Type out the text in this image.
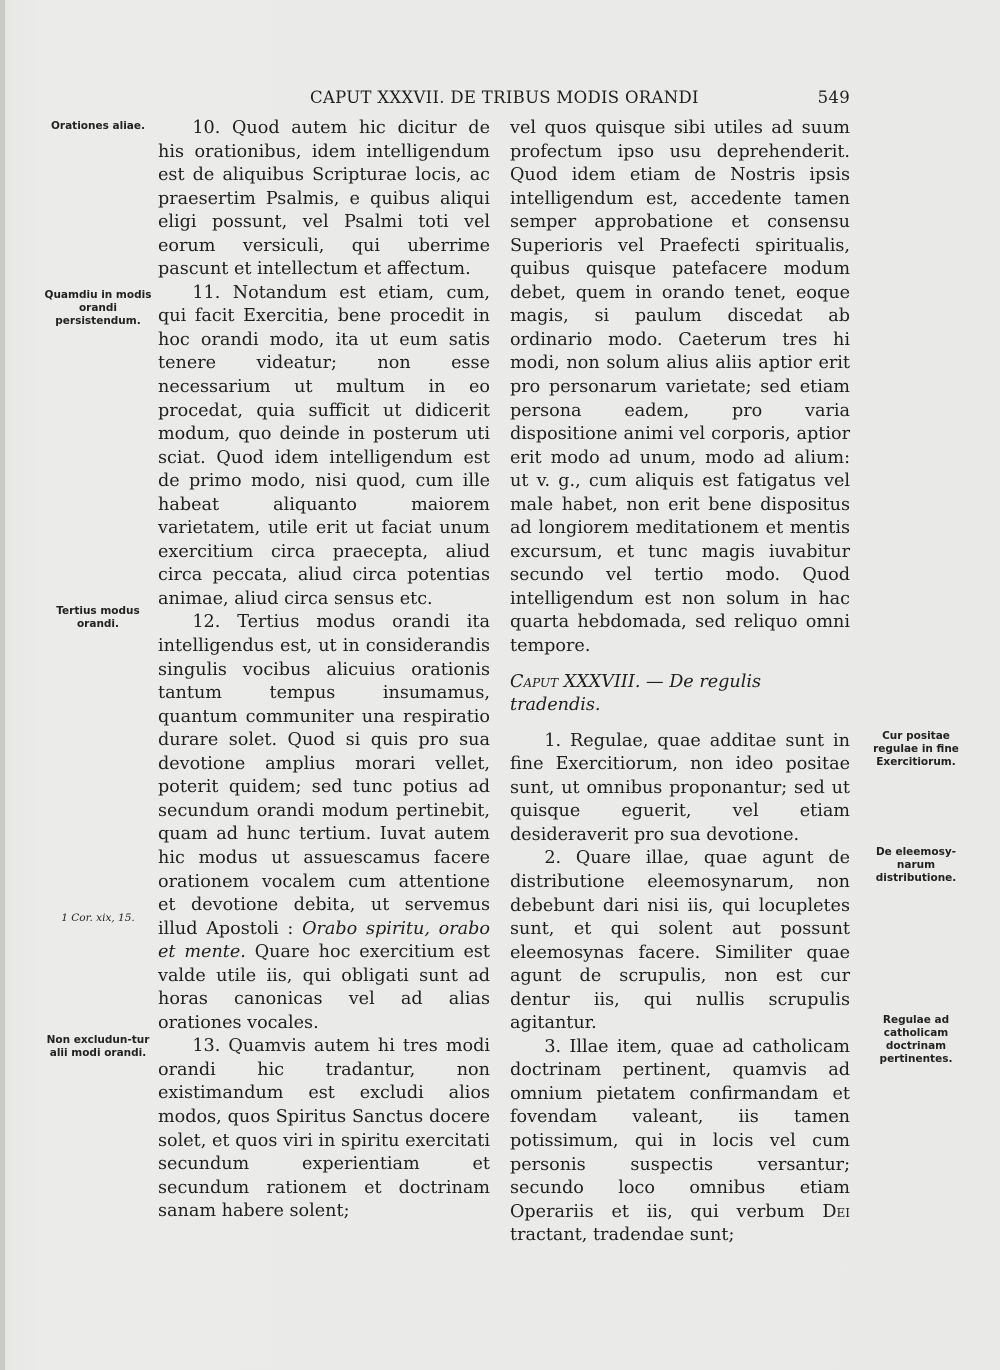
CAPUT XXXVII. DE TRIBUS MODIS ORANDI	549
Orationes aliae.
Quamdiu in modis orandi persistendum.
Tertius modus orandi.
1 Cor. xix, 15.
Non excludun-tur alii modi orandi.
Cur positae regulae in fine Exercitiorum.
De eleemosy-narum distributione.
Regulae ad catholicam doctrinam pertinentes.

10. Quod autem hic dicitur de his orationibus, idem intelligendum est de aliquibus Scripturae locis, ac praesertim Psalmis, e quibus aliqui eligi possunt, vel Psalmi toti vel eorum versiculi, qui uberrime pascunt et intellectum et affectum.

11. Notandum est etiam, cum, qui facit Exercitia, bene procedit in hoc orandi modo, ita ut eum satis tenere videatur; non esse necessarium ut multum in eo procedat, quia sufficit ut didicerit modum, quo deinde in posterum uti sciat. Quod idem intelligendum est de primo modo, nisi quod, cum ille habeat aliquanto maiorem varietatem, utile erit ut faciat unum exercitium circa praecepta, aliud circa peccata, aliud circa potentias animae, aliud circa sensus etc.

12. Tertius modus orandi ita intelligendus est, ut in considerandis singulis vocibus alicuius orationis tantum tempus insumamus, quantum communiter una respiratio durare solet. Quod si quis pro sua devotione amplius morari vellet, poterit quidem; sed tunc potius ad secundum orandi modum pertinebit, quam ad hunc tertium. Iuvat autem hic modus ut assuescamus facere orationem vocalem cum attentione et devotione debita, ut servemus illud Apostoli : Orabo spiritu, orabo et mente. Quare hoc exercitium est valde utile iis, qui obligati sunt ad horas canonicas vel ad alias orationes vocales.

13. Quamvis autem hi tres modi orandi hic tradantur, non existimandum est excludi alios modos, quos Spiritus Sanctus docere solet, et quos viri in spiritu exercitati secundum experientiam et secundum rationem et doctrinam sanam habere solent;

vel quos quisque sibi utiles ad suum profectum ipso usu deprehenderit. Quod idem etiam de Nostris ipsis intelligendum est, accedente tamen semper approbatione et consensu Superioris vel Praefecti spiritualis, quibus quisque patefacere modum debet, quem in orando tenet, eoque magis, si paulum discedat ab ordinario modo. Caeterum tres hi modi, non solum alius aliis aptior erit pro personarum varietate; sed etiam persona eadem, pro varia dispositione animi vel corporis, aptior erit modo ad unum, modo ad alium: ut v. g., cum aliquis est fatigatus vel male habet, non erit bene dispositus ad longiorem meditationem et mentis excursum, et tunc magis iuvabitur secundo vel tertio modo. Quod intelligendum est non solum in hac quarta hebdomada, sed reliquo omni tempore.

Caput XXXVIII. — De regulis tradendis.

1. Regulae, quae additae sunt in fine Exercitiorum, non ideo positae sunt, ut omnibus proponantur; sed ut quisque eguerit, vel etiam desideraverit pro sua devotione.

2. Quare illae, quae agunt de distributione eleemosynarum, non debebunt dari nisi iis, qui locupletes sunt, et qui solent aut possunt eleemosynas facere. Similiter quae agunt de scrupulis, non est cur dentur iis, qui nullis scrupulis agitantur.

3. Illae item, quae ad catholicam doctrinam pertinent, quamvis ad omnium pietatem confirmandam et fovendam valeant, iis tamen potissimum, qui in locis vel cum personis suspectis versantur; secundo loco omnibus etiam Operariis et iis, qui verbum Dei tractant, tradendae sunt;
